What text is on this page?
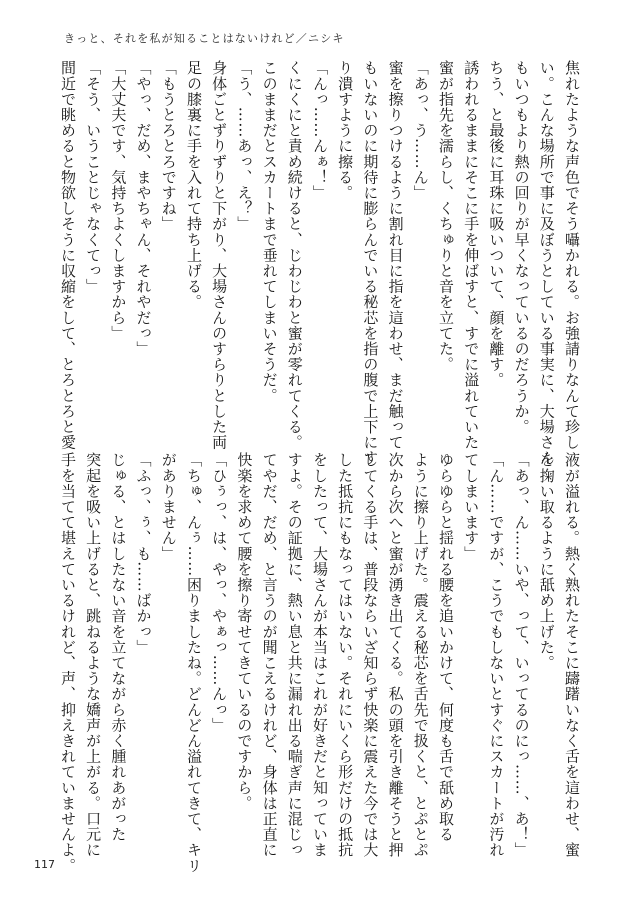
きっと、それを私が知ることはないけれど／ニシキ
焦れたような声色でそう囁かれる。お強請りなんて珍し
い。こんな場所で事に及ぼうとしている事実に、大場さん
もいつもより熱の回りが早くなっているのだろうか。
ちう、と最後に耳珠に吸いついて、顔を離す。
誘われるままにそこに手を伸ばすと、すでに溢れていた
蜜が指先を濡らし、くちゅりと音を立てた。
「あっ、う……ん」
蜜を擦りつけるように割れ目に指を這わせ、まだ触って
もいないのに期待に膨らんでいる秘芯を指の腹で上下にす
り潰すように擦る。
「んっ……んぁ！」
くにくにと責め続けると、じわじわと蜜が零れてくる。
このままだとスカートまで垂れてしまいそうだ。
「う、……あっ、え？」
身体ごとずりずりと下がり、大場さんのすらりとした両
足の膝裏に手を入れて持ち上げる。
「もうとろとろですね」
「やっ、だめ、まやちゃん、それやだっ」
「大丈夫です、気持ちよくしますから」
「そう、いうことじゃなくてっ」
間近で眺めると物欲しそうに収縮をして、とろとろと愛
液が溢れる。熱く熟れたそこに躊躇いなく舌を這わせ、蜜
を掬い取るように舐め上げた。
「あっ、ん……いや、って、いってるのにっ……、あ！」
「ん……ですが、こうでもしないとすぐにスカートが汚れ
てしまいます」
ゆらゆらと揺れる腰を追いかけて、何度も舌で舐め取る
ように擦り上げた。震える秘芯を舌先で扱くと、とぷとぷ
次から次へと蜜が湧き出てくる。私の頭を引き離そうと押
してくる手は、普段ならいざ知らず快楽に震えた今では大
した抵抗にもなってはいない。それにいくら形だけの抵抗
をしたって、大場さんが本当はこれが好きだと知っていま
すよ。その証拠に、熱い息と共に漏れ出る喘ぎ声に混じっ
てやだ、だめ、と言うのが聞こえるけれど、身体は正直に
快楽を求めて腰を擦り寄せてきているのですから。
「ひぅっ、は、やっ、やぁっ……んっ」
「ちゅ、んぅ……困りましたね。どんどん溢れてきて、キリ
がありません」
「ふっ、ぅ、も……ばかっ」
じゅる、とはしたない音を立てながら赤く腫れあがった
突起を吸い上げると、跳ねるような嬌声が上がる。口元に
手を当てて堪えているけれど、声、抑えきれていませんよ。
117
